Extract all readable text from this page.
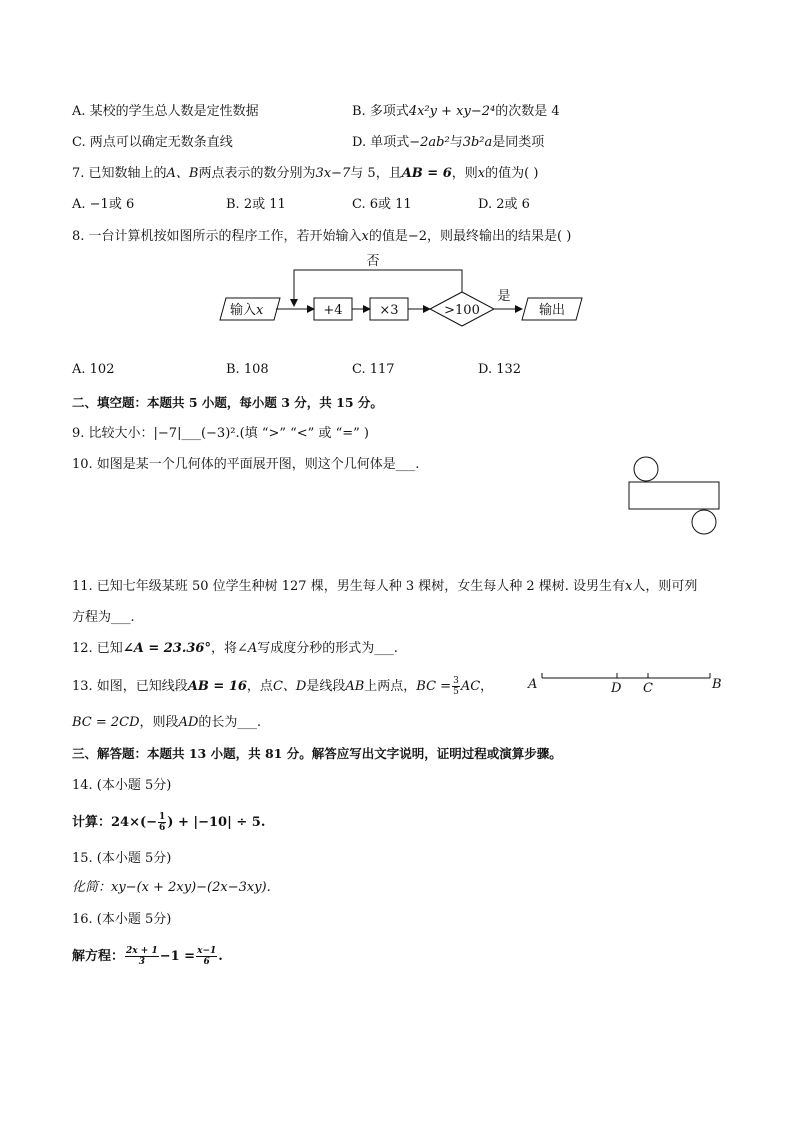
A. 某校的学生总人数是定性数据	B. 多项式4x²y + xy−2⁴的次数是 4
C. 两点可以确定无数条直线	D. 单项式−2ab²与3b²a是同类项
7. 已知数轴上的A、B两点表示的数分别为3x−7与 5，且AB = 6，则x的值为( )
A. −1或 6	B. 2或 11	C. 6或 11	D. 2或 6
8. 一台计算机按如图所示的程序工作，若开始输入x的值是−2，则最终输出的结果是( )
输入x	+4	×3	>100
否
是
输出
A. 102	B. 108	C. 117	D. 132
二、填空题：本题共 5 小题，每小题 3 分，共 15 分。
9. 比较大小：|−7|___(−3)².(填 “>” “<” 或 “=” )
10. 如图是某一个几何体的平面展开图，则这个几何体是___.
11. 已知七年级某班 50 位学生种树 127 棵，男生每人种 3 棵树，女生每人种 2 棵树. 设男生有x人，则可列
方程为___.
12. 已知∠A = 23.36°，将∠A写成度分秒的形式为___.
13. 如图，已知线段AB = 16，点C、D是线段AB上两点，BC = $\frac{3}{5}$ AC，	A	D C	B
BC = 2CD，则段AD的长为___.
三、解答题：本题共 13 小题，共 81 分。解答应写出文字说明，证明过程或演算步骤。
14. (本小题 5分)
计算：$24\times(- \frac{1}{6}$ ) + |−10| ÷ 5.
15. (本小题 5分)
化简：xy−(x + 2xy)−(2x−3xy).
16. (本小题 5分)
解方程： $\frac{2x + 1}{3} -1 = \frac{x-1}{6}$ .
